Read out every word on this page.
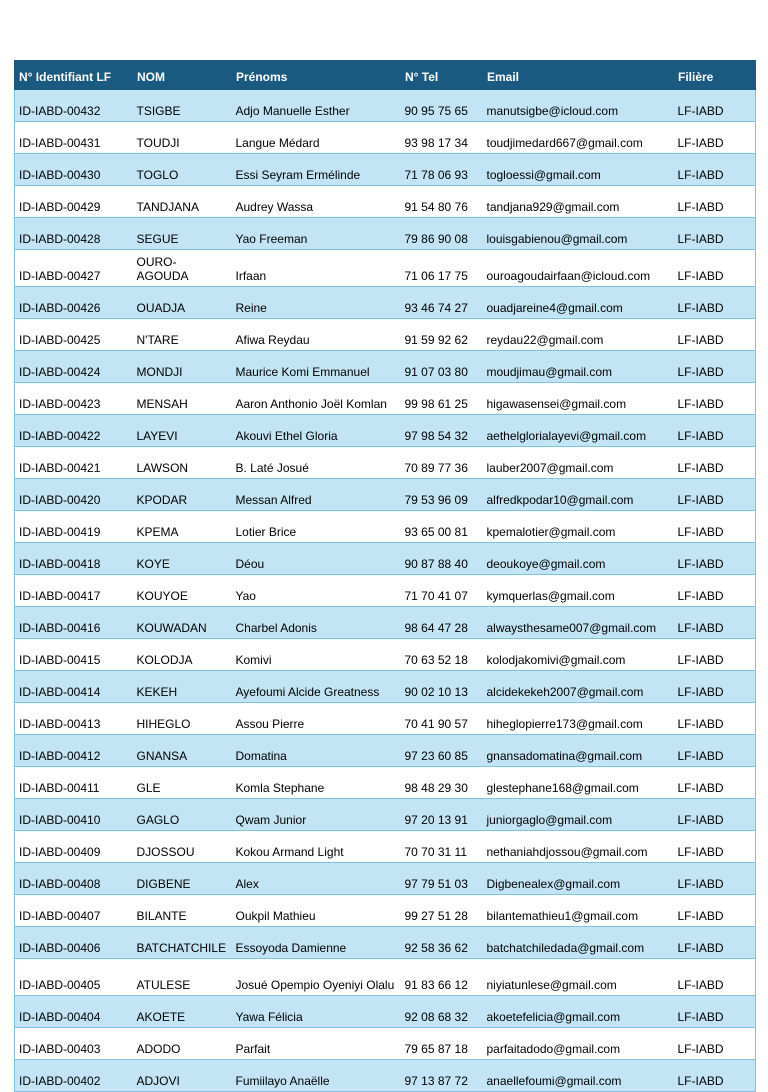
N° Identifiant LF	NOM	Prénoms	N° Tel	Email	Filière
ID-IABD-00432	TSIGBE	Adjo Manuelle Esther	90 95 75 65	manutsigbe@icloud.com	LF-IABD
ID-IABD-00431	TOUDJI	Langue Médard	93 98 17 34	toudjimedard667@gmail.com	LF-IABD
ID-IABD-00430	TOGLO	Essi Seyram Ermélinde	71 78 06 93	togloessi@gmail.com	LF-IABD
ID-IABD-00429	TANDJANA	Audrey Wassa	91 54 80 76	tandjana929@gmail.com	LF-IABD
ID-IABD-00428	SEGUE	Yao Freeman	79 86 90 08	louisgabienou@gmail.com	LF-IABD
ID-IABD-00427	OURO-AGOUDA	Irfaan	71 06 17 75	ouroagoudairfaan@icloud.com	LF-IABD
ID-IABD-00426	OUADJA	Reine	93 46 74 27	ouadjareine4@gmail.com	LF-IABD
ID-IABD-00425	N'TARE	Afiwa Reydau	91 59 92 62	reydau22@gmail.com	LF-IABD
ID-IABD-00424	MONDJI	Maurice Komi Emmanuel	91 07 03 80	moudjimau@gmail.com	LF-IABD
ID-IABD-00423	MENSAH	Aaron Anthonio Joël Komlan	99 98 61 25	higawasensei@gmail.com	LF-IABD
ID-IABD-00422	LAYEVI	Akouvi Ethel Gloria	97 98 54 32	aethelglorialayevi@gmail.com	LF-IABD
ID-IABD-00421	LAWSON	B. Laté Josué	70 89 77 36	lauber2007@gmail.com	LF-IABD
ID-IABD-00420	KPODAR	Messan Alfred	79 53 96 09	alfredkpodar10@gmail.com	LF-IABD
ID-IABD-00419	KPEMA	Lotier Brice	93 65 00 81	kpemalotier@gmail.com	LF-IABD
ID-IABD-00418	KOYE	Déou	90 87 88 40	deoukoye@gmail.com	LF-IABD
ID-IABD-00417	KOUYOE	Yao	71 70 41 07	kymquerlas@gmail.com	LF-IABD
ID-IABD-00416	KOUWADAN	Charbel Adonis	98 64 47 28	alwaysthesame007@gmail.com	LF-IABD
ID-IABD-00415	KOLODJA	Komivi	70 63 52 18	kolodjakomivi@gmail.com	LF-IABD
ID-IABD-00414	KEKEH	Ayefoumi Alcide Greatness	90 02 10 13	alcidekekeh2007@gmail.com	LF-IABD
ID-IABD-00413	HIHEGLO	Assou Pierre	70 41 90 57	hiheglopierre173@gmail.com	LF-IABD
ID-IABD-00412	GNANSA	Domatina	97 23 60 85	gnansadomatina@gmail.com	LF-IABD
ID-IABD-00411	GLE	Komla Stephane	98 48 29 30	glestephane168@gmail.com	LF-IABD
ID-IABD-00410	GAGLO	Qwam Junior	97 20 13 91	juniorgaglo@gmail.com	LF-IABD
ID-IABD-00409	DJOSSOU	Kokou Armand Light	70 70 31 11	nethaniahdjossou@gmail.com	LF-IABD
ID-IABD-00408	DIGBENE	Alex	97 79 51 03	Digbenealex@gmail.com	LF-IABD
ID-IABD-00407	BILANTE	Oukpil Mathieu	99 27 51 28	bilantemathieu1@gmail.com	LF-IABD
ID-IABD-00406	BATCHATCHILE	Essoyoda Damienne	92 58 36 62	batchatchiledada@gmail.com	LF-IABD
ID-IABD-00405	ATULESE	Josué Opempio Oyeniyi Olalu	91 83 66 12	niyiatunlese@gmail.com	LF-IABD
ID-IABD-00404	AKOETE	Yawa Félicia	92 08 68 32	akoetefelicia@gmail.com	LF-IABD
ID-IABD-00403	ADODO	Parfait	79 65 87 18	parfaitadodo@gmail.com	LF-IABD
ID-IABD-00402	ADJOVI	Fumiilayo Anaëlle	97 13 87 72	anaellefoumi@gmail.com	LF-IABD
